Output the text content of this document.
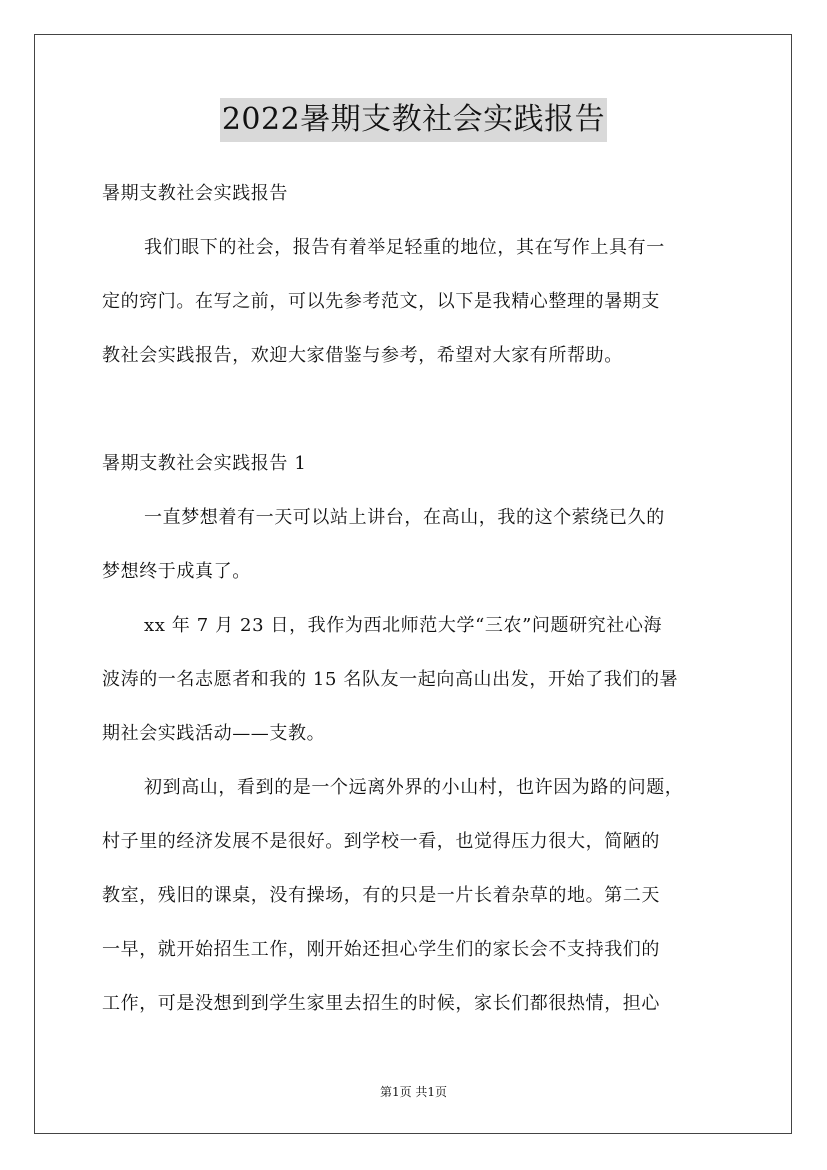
2022暑期支教社会实践报告
暑期支教社会实践报告
我们眼下的社会，报告有着举足轻重的地位，其在写作上具有一
定的窍门。在写之前，可以先参考范文，以下是我精心整理的暑期支
教社会实践报告，欢迎大家借鉴与参考，希望对大家有所帮助。
暑期支教社会实践报告 1
一直梦想着有一天可以站上讲台，在高山，我的这个萦绕已久的
梦想终于成真了。
xx 年 7 月 23 日，我作为西北师范大学“三农”问题研究社心海
波涛的一名志愿者和我的 15 名队友一起向高山出发，开始了我们的暑
期社会实践活动——支教。
初到高山，看到的是一个远离外界的小山村，也许因为路的问题，
村子里的经济发展不是很好。到学校一看，也觉得压力很大，简陋的
教室，残旧的课桌，没有操场，有的只是一片长着杂草的地。第二天
一早，就开始招生工作，刚开始还担心学生们的家长会不支持我们的
工作，可是没想到到学生家里去招生的时候，家长们都很热情，担心
第1页 共1页
